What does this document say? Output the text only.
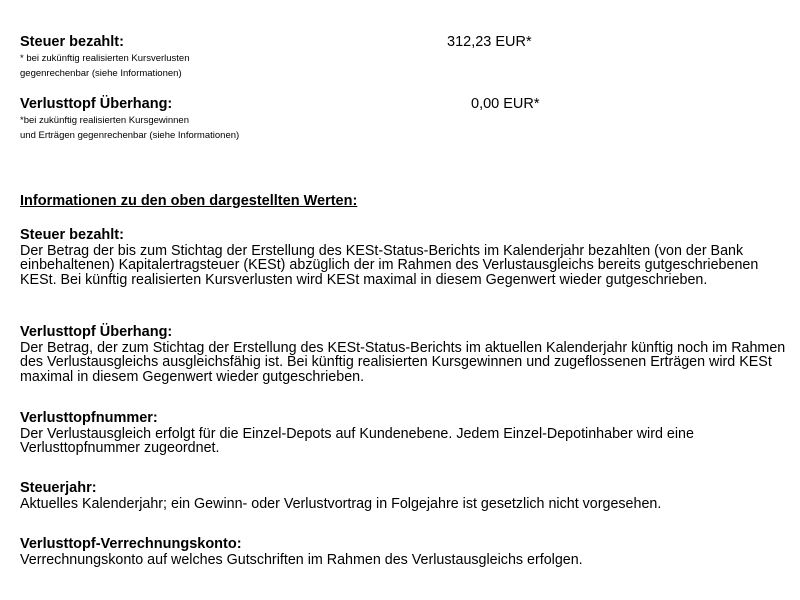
Steuer bezahlt:	312,23 EUR*
* bei zukünftig realisierten Kursverlusten
gegenrechenbar (siehe Informationen)
Verlusttopf Überhang:	0,00 EUR*
*bei zukünftig realisierten Kursgewinnen
und Erträgen gegenrechenbar (siehe Informationen)
Informationen zu den oben dargestellten Werten:

Steuer bezahlt:

Der Betrag der bis zum Stichtag der Erstellung des KESt-Status-Berichts im Kalenderjahr bezahlten (von der Bank einbehaltenen) Kapitalertragsteuer (KESt) abzüglich der im Rahmen des Verlustausgleichs bereits gutgeschriebenen KESt. Bei künftig realisierten Kursverlusten wird KESt maximal in diesem Gegenwert wieder gutgeschrieben.

Verlusttopf Überhang:

Der Betrag, der zum Stichtag der Erstellung des KESt-Status-Berichts im aktuellen Kalenderjahr künftig noch im Rahmen des Verlustausgleichs ausgleichsfähig ist. Bei künftig realisierten Kursgewinnen und zugeflossenen Erträgen wird KESt maximal in diesem Gegenwert wieder gutgeschrieben.

Verlusttopfnummer:

Der Verlustausgleich erfolgt für die Einzel-Depots auf Kundenebene. Jedem Einzel-Depotinhaber wird eine Verlusttopfnummer zugeordnet.

Steuerjahr:

Aktuelles Kalenderjahr; ein Gewinn- oder Verlustvortrag in Folgejahre ist gesetzlich nicht vorgesehen.

Verlusttopf-Verrechnungskonto:

Verrechnungskonto auf welches Gutschriften im Rahmen des Verlustausgleichs erfolgen.
